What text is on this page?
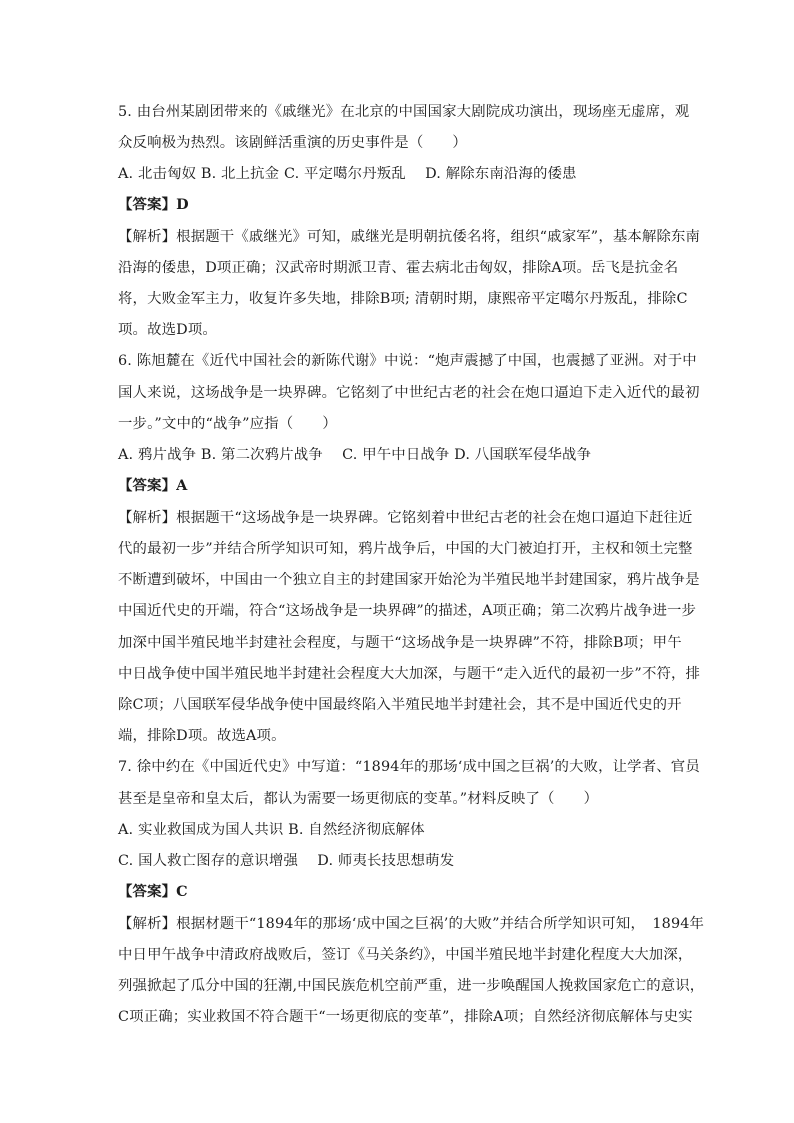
5. 由台州某剧团带来的《戚继光》在北京的中国国家大剧院成功演出，现场座无虚席，观
众反响极为热烈。该剧鲜活重演的历史事件是（　　）
A. 北击匈奴 B. 北上抗金 C. 平定噶尔丹叛乱　 D. 解除东南沿海的倭患
【答案】D
【解析】根据题干《戚继光》可知，戚继光是明朝抗倭名将，组织“戚家军”，基本解除东南
沿海的倭患，D项正确；汉武帝时期派卫青、霍去病北击匈奴，排除A项。岳飞是抗金名
将，大败金军主力，收复许多失地，排除B项; 清朝时期，康熙帝平定噶尔丹叛乱，排除C
项。故选D项。
6. 陈旭麓在《近代中国社会的新陈代谢》中说：“炮声震撼了中国，也震撼了亚洲。对于中
国人来说，这场战争是一块界碑。它铭刻了中世纪古老的社会在炮口逼迫下走入近代的最初
一步。”文中的“战争”应指（　　）
A. 鸦片战争 B. 第二次鸦片战争　 C. 甲午中日战争 D. 八国联军侵华战争
【答案】A
【解析】根据题干“这场战争是一块界碑。它铭刻着中世纪古老的社会在炮口逼迫下赶往近
代的最初一步”并结合所学知识可知，鸦片战争后，中国的大门被迫打开，主权和领土完整
不断遭到破坏，中国由一个独立自主的封建国家开始沦为半殖民地半封建国家，鸦片战争是
中国近代史的开端，符合“这场战争是一块界碑”的描述，A项正确；第二次鸦片战争进一步
加深中国半殖民地半封建社会程度，与题干“这场战争是一块界碑”不符，排除B项；甲午
中日战争使中国半殖民地半封建社会程度大大加深，与题干“走入近代的最初一步”不符，排
除C项；八国联军侵华战争使中国最终陷入半殖民地半封建社会，其不是中国近代史的开
端，排除D项。故选A项。
7. 徐中约在《中国近代史》中写道：“1894年的那场‘成中国之巨祸’的大败，让学者、官员
甚至是皇帝和皇太后，都认为需要一场更彻底的变革。”材料反映了（　　）
A. 实业救国成为国人共识 B. 自然经济彻底解体
C. 国人救亡图存的意识增强　 D. 师夷长技思想萌发
【答案】C
【解析】根据材题干“1894年的那场‘成中国之巨祸’的大败”并结合所学知识可知，　1894年
中日甲午战争中清政府战败后，签订《马关条约》，中国半殖民地半封建化程度大大加深，
列强掀起了瓜分中国的狂潮,中国民族危机空前严重，进一步唤醒国人挽救国家危亡的意识，
C项正确；实业救国不符合题干“一场更彻底的变革”，排除A项；自然经济彻底解体与史实
